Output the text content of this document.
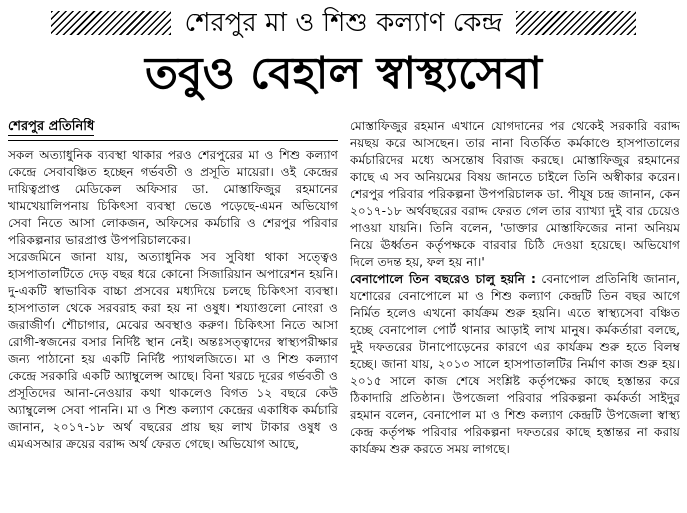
শেরপুর মা ও শিশু কল্যাণ কেন্দ্র
তবুও বেহাল স্বাস্থ্যসেবা
শেরপুর প্রতিনিধি

সকল অত্যাধুনিক ব্যবস্থা থাকার পরও শেরপুরের মা ও শিশু কল্যাণ কেন্দ্রে সেবাবঞ্চিত হচ্ছেন গর্ভবতী ও প্রসূতি মায়েরা। ওই কেন্দ্রের দায়িত্বপ্রাপ্ত মেডিকেল অফিসার ডা. মোস্তাফিজুর রহমানের খামখেয়ালিপনায় চিকিৎসা ব্যবস্থা ভেঙে পড়েছে-এমন অভিযোগ সেবা নিতে আসা লোকজন, অফিসের কর্মচারি ও শেরপুর পরিবার পরিকল্পনার ভারপ্রাপ্ত উপপরিচালকের।

সরেজমিনে জানা যায়, অত্যাধুনিক সব সুবিধা থাকা সত্ত্বেও হাসপাতালটিতে দেড় বছর ধরে কোনো সিজারিয়ান অপারেশন হয়নি। দু-একটি স্বাভাবিক বাচ্চা প্রসবের মধ্যদিয়ে চলছে চিকিৎসা ব্যবস্থা। হাসপাতাল থেকে সরবরাহ করা হয় না ওষুধ। শয্যাগুলো নোংরা ও জরাজীর্ণ। শৌচাগার, মেঝের অবস্থাও করুণ। চিকিৎসা নিতে আসা রোগী-স্বজনের বসার নির্দিষ্ট স্থান নেই। অন্তঃসত্ত্বাদের স্বাস্থ্যপরীক্ষার জন্য পাঠানো হয় একটি নির্দিষ্ট প্যাথলজিতে। মা ও শিশু কল্যাণ কেন্দ্রে সরকারি একটি অ্যাম্বুলেন্স আছে। বিনা খরচে দূরের গর্ভবতী ও প্রসূতিদের আনা-নেওয়ার কথা থাকলেও বিগত ১২ বছরে কেউ অ্যাম্বুলেন্স সেবা পাননি। মা ও শিশু কল্যাণ কেন্দ্রের একাধিক কর্মচারি জানান, ২০১৭-১৮ অর্থ বছরের প্রায় ছয় লাখ টাকার ওষুধ ও এমএসআর ক্রয়ের বরাদ্দ অর্থ ফেরত গেছে। অভিযোগ আছে,

মোস্তাফিজুর রহমান এখানে যোগদানের পর থেকেই সরকারি বরাদ্দ নয়ছয় করে আসছেন। তার নানা বিতর্কিত কর্মকাণ্ডে হাসপাতালের কর্মচারিদের মধ্যে অসন্তোষ বিরাজ করছে। মোস্তাফিজুর রহমানের কাছে এ সব অনিয়মের বিষয় জানতে চাইলে তিনি অস্বীকার করেন। শেরপুর পরিবার পরিকল্পনা উপপরিচালক ডা. পীযূষ চন্দ্র জানান, কেন ২০১৭-১৮ অর্থবছরের বরাদ্দ ফেরত গেল তার ব্যাখ্যা দুই বার চেয়েও পাওয়া যায়নি। তিনি বলেন, 'ডাক্তার মোস্তাফিজের নানা অনিয়ম নিয়ে ঊর্ধ্বতন কর্তৃপক্ষকে বারবার চিঠি দেওয়া হয়েছে। অভিযোগ দিলে তদন্ত হয়, ফল হয় না।'

বেনাপোলে তিন বছরেও চালু হয়নি : বেনাপোল প্রতিনিধি জানান, যশোরের বেনাপোলে মা ও শিশু কল্যাণ কেন্দ্রটি তিন বছর আগে নির্মিত হলেও এখনো কার্যক্রম শুরু হয়নি। এতে স্বাস্থ্যসেবা বঞ্চিত হচ্ছে বেনাপোল পোর্ট থানার আড়াই লাখ মানুষ। কর্মকর্তারা বলছে, দুই দফতরের টানাপোড়েনের কারণে এর কার্যক্রম শুরু হতে বিলম্ব হচ্ছে। জানা যায়, ২০১৩ সালে হাসপাতালটির নির্মাণ কাজ শুরু হয়। ২০১৫ সালে কাজ শেষে সংশ্লিষ্ট কর্তৃপক্ষের কাছে হস্তান্তর করে ঠিকাদারি প্রতিষ্ঠান। উপজেলা পরিবার পরিকল্পনা কর্মকর্তা সাইদুর রহমান বলেন, বেনাপোল মা ও শিশু কল্যাণ কেন্দ্রটি উপজেলা স্বাস্থ্য কেন্দ্র কর্তৃপক্ষ পরিবার পরিকল্পনা দফতরের কাছে হস্তান্তর না করায় কার্যক্রম শুরু করতে সময় লাগছে।
